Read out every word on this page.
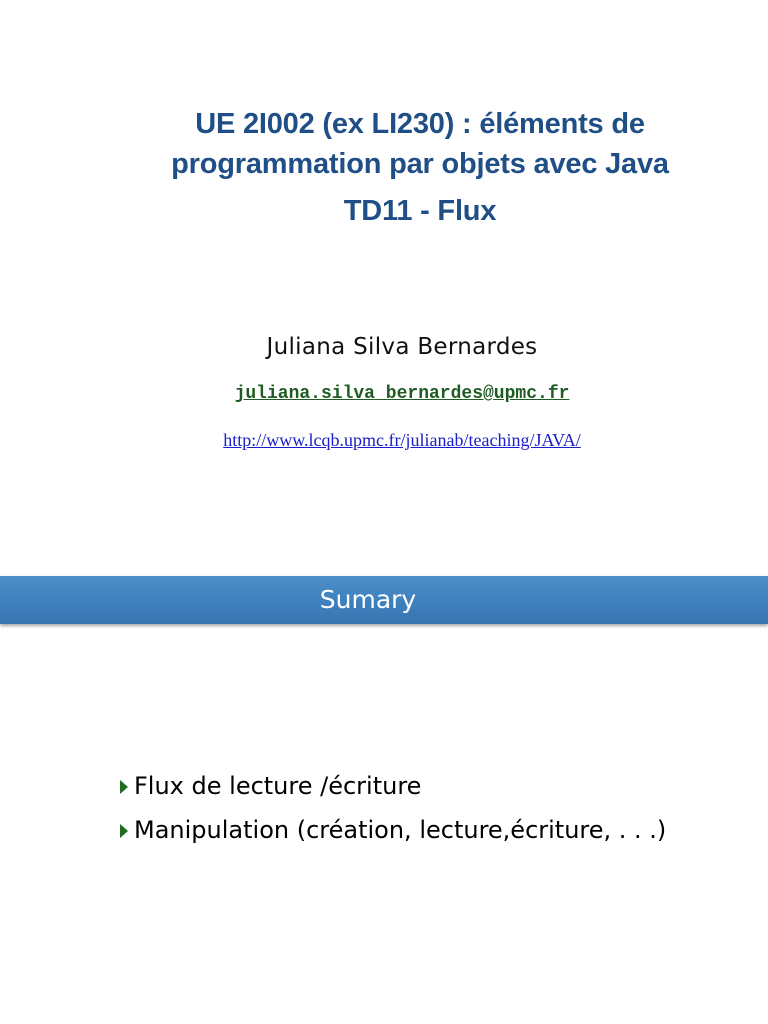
UE 2I002 (ex LI230) : éléments de
programmation par objets avec Java
TD11 - Flux
Juliana Silva Bernardes
juliana.silva_bernardes@upmc.fr
http://www.lcqb.upmc.fr/julianab/teaching/JAVA/
Sumary
Flux de lecture /écriture
Manipulation (création, lecture,écriture, . . .)
